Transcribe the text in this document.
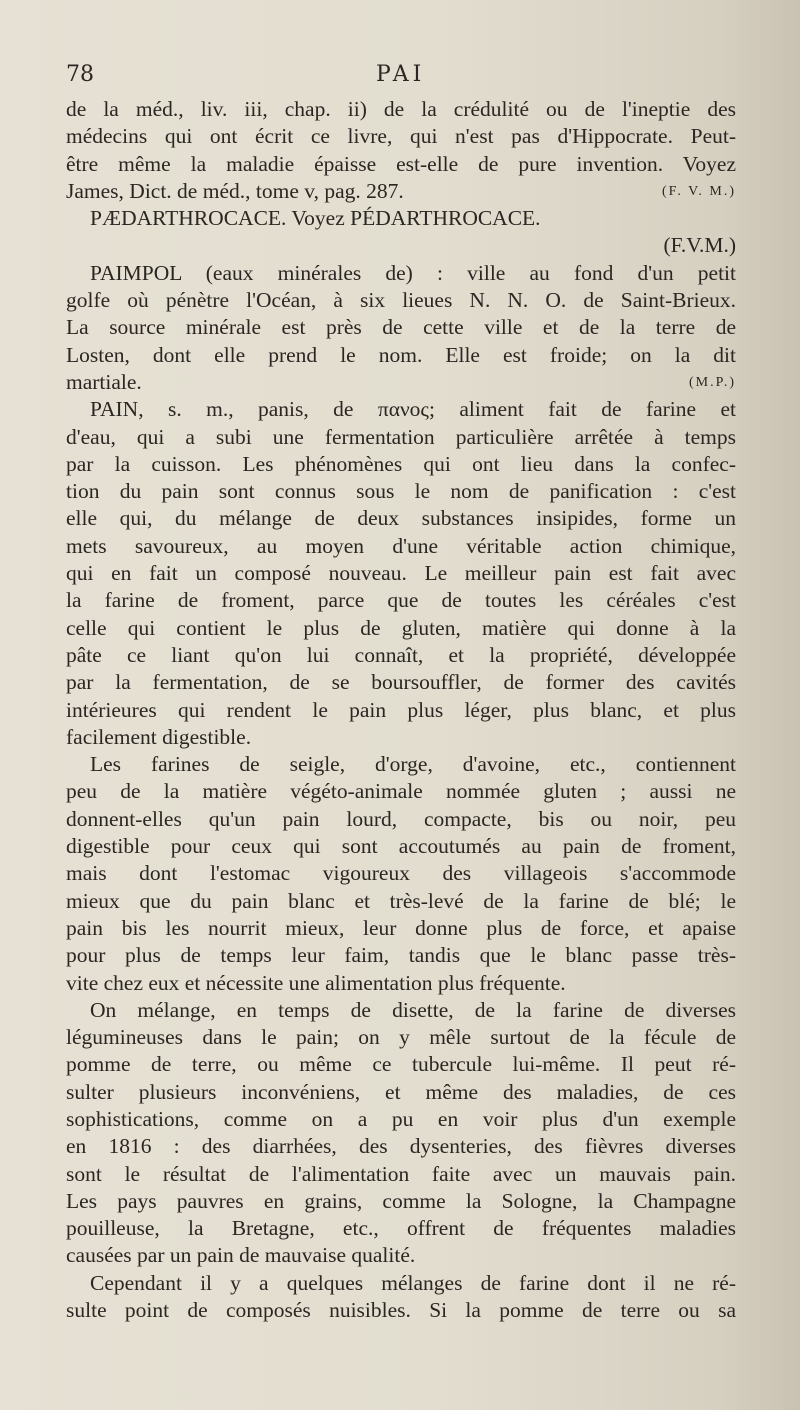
78	PAI
de la méd., liv. iii, chap. ii) de la crédulité ou de l'ineptie des
médecins qui ont écrit ce livre, qui n'est pas d'Hippocrate. Peut-
être même la maladie épaisse est-elle de pure invention. Voyez
(F. V. M.)
James, Dict. de méd., tome v, pag. 287.
PÆDARTHROCACE. Voyez PÉDARTHROCACE.
(F.V.M.)
PAIMPOL (eaux minérales de) : ville au fond d'un petit
golfe où pénètre l'Océan, à six lieues N. N. O. de Saint-Brieux.
La source minérale est près de cette ville et de la terre de
Losten, dont elle prend le nom. Elle est froide; on la dit
(M.P.)
martiale.
PAIN, s. m., panis, de πανος; aliment fait de farine et
d'eau, qui a subi une fermentation particulière arrêtée à temps
par la cuisson. Les phénomènes qui ont lieu dans la confec-
tion du pain sont connus sous le nom de panification : c'est
elle qui, du mélange de deux substances insipides, forme un
mets savoureux, au moyen d'une véritable action chimique,
qui en fait un composé nouveau. Le meilleur pain est fait avec
la farine de froment, parce que de toutes les céréales c'est
celle qui contient le plus de gluten, matière qui donne à la
pâte ce liant qu'on lui connaît, et la propriété, développée
par la fermentation, de se boursouffler, de former des cavités
intérieures qui rendent le pain plus léger, plus blanc, et plus
facilement digestible.
Les farines de seigle, d'orge, d'avoine, etc., contiennent
peu de la matière végéto-animale nommée gluten ; aussi ne
donnent-elles qu'un pain lourd, compacte, bis ou noir, peu
digestible pour ceux qui sont accoutumés au pain de froment,
mais dont l'estomac vigoureux des villageois s'accommode
mieux que du pain blanc et très-levé de la farine de blé; le
pain bis les nourrit mieux, leur donne plus de force, et apaise
pour plus de temps leur faim, tandis que le blanc passe très-
vite chez eux et nécessite une alimentation plus fréquente.
On mélange, en temps de disette, de la farine de diverses
légumineuses dans le pain; on y mêle surtout de la fécule de
pomme de terre, ou même ce tubercule lui-même. Il peut ré-
sulter plusieurs inconvéniens, et même des maladies, de ces
sophistications, comme on a pu en voir plus d'un exemple
en 1816 : des diarrhées, des dysenteries, des fièvres diverses
sont le résultat de l'alimentation faite avec un mauvais pain.
Les pays pauvres en grains, comme la Sologne, la Champagne
pouilleuse, la Bretagne, etc., offrent de fréquentes maladies
causées par un pain de mauvaise qualité.
Cependant il y a quelques mélanges de farine dont il ne ré-
sulte point de composés nuisibles. Si la pomme de terre ou sa
